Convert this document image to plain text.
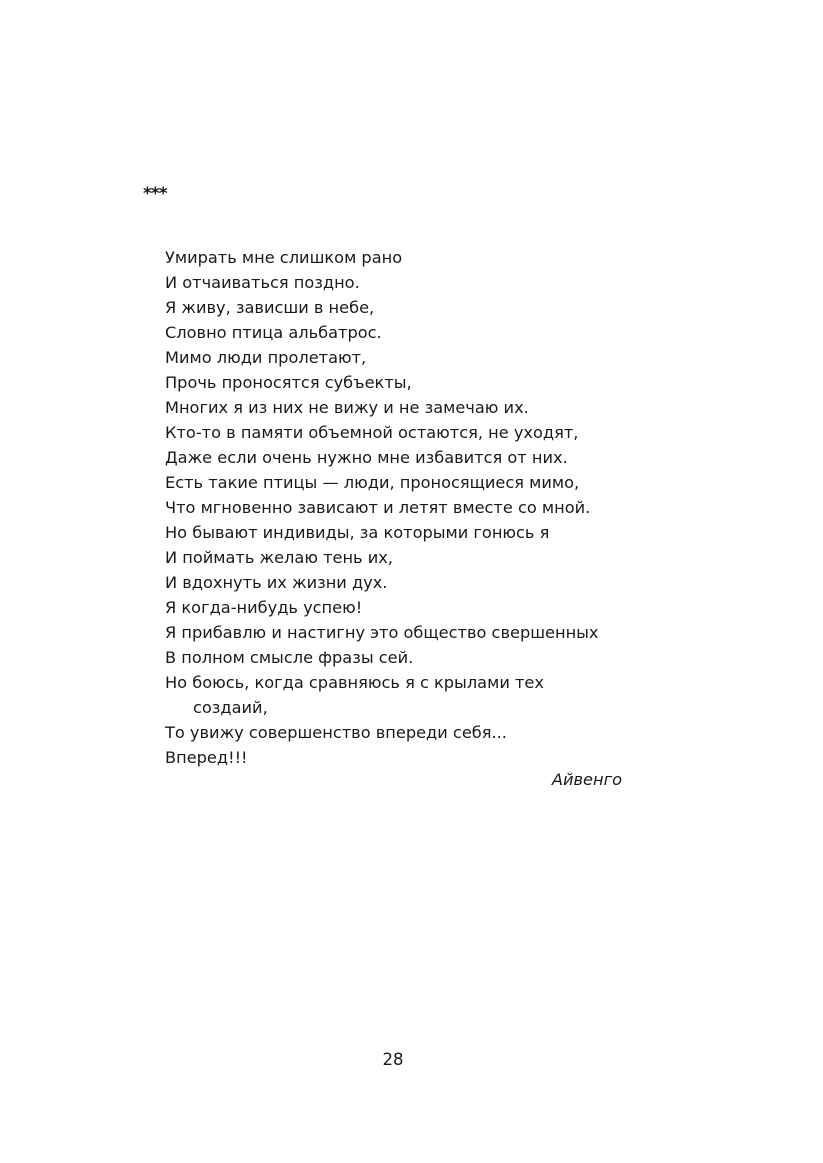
***
Умирать мне слишком рано
И отчаиваться поздно.
Я живу, зависши в небе,
Словно птица альбатрос.
Мимо люди пролетают,
Прочь проносятся субъекты,
Многих я из них не вижу и не замечаю их.
Кто-то в памяти объемной остаются, не уходят,
Даже если очень нужно мне избавится от них.
Есть такие птицы — люди, проносящиеся мимо,
Что мгновенно зависают и летят вместе со мной.
Но бывают индивиды, за которыми гонюсь я
И поймать желаю тень их,
И вдохнуть их жизни дух.
Я когда-нибудь успею!
Я прибавлю и настигну это общество свершенных
В полном смысле фразы сей.
Но боюсь, когда сравняюсь я с крылами тех
создаий,
То увижу совершенство впереди себя...
Вперед!!!
Айвенго
28
